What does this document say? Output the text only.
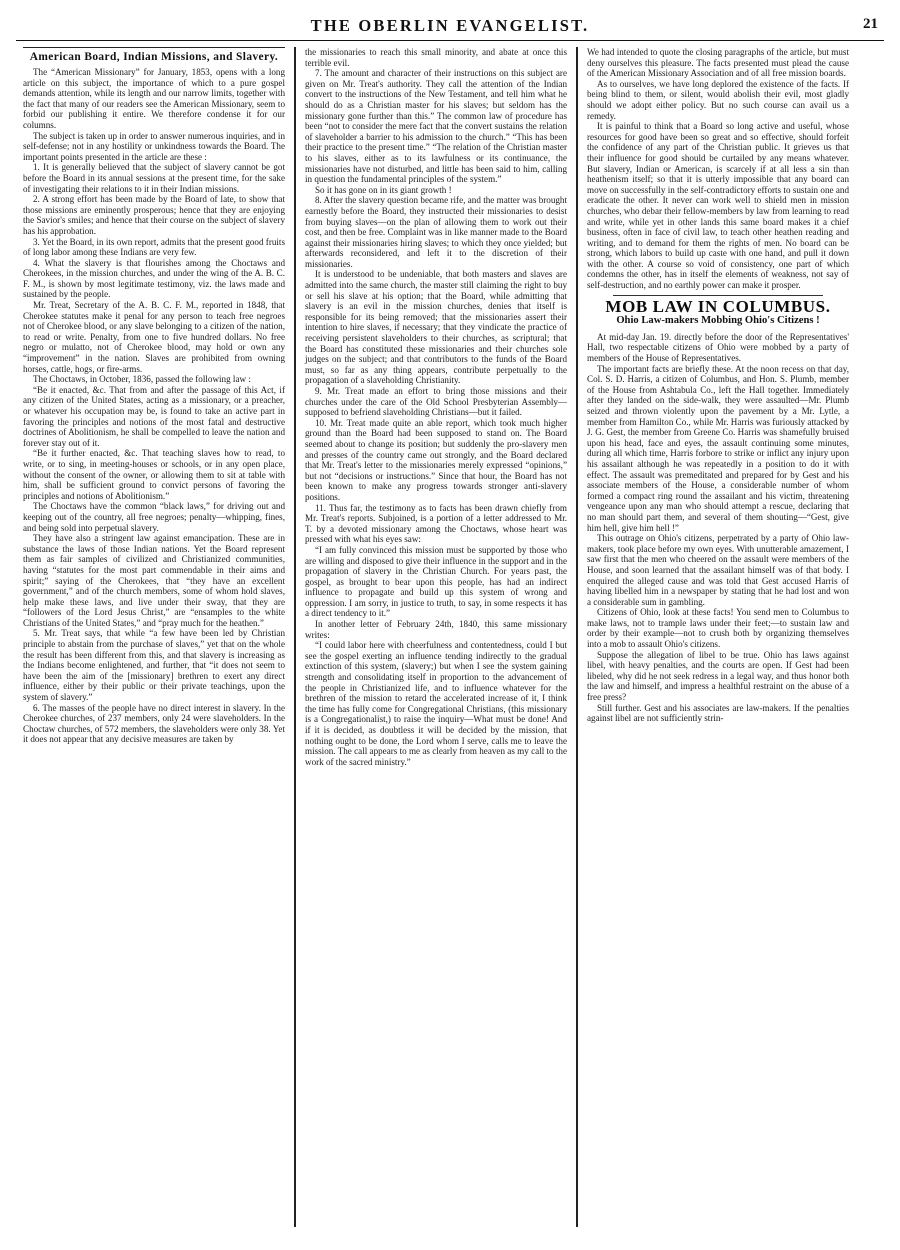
THE OBERLIN EVANGELIST.	21
American Board, Indian Missions, and Slavery.

The “American Missionary” for January, 1853, opens with a long article on this subject, the importance of which to a pure gospel demands attention, while its length and our narrow limits, together with the fact that many of our readers see the American Missionary, seem to forbid our publishing it entire. We therefore condense it for our columns.

The subject is taken up in order to answer numerous inquiries, and in self-defense; not in any hostility or unkindness towards the Board. The important points presented in the article are these :

1. It is generally believed that the subject of slavery cannot be got before the Board in its annual sessions at the present time, for the sake of investigating their relations to it in their Indian missions.

2. A strong effort has been made by the Board of late, to show that those missions are eminently prosperous; hence that they are enjoying the Savior's smiles; and hence that their course on the subject of slavery has his approbation.

3. Yet the Board, in its own report, admits that the present good fruits of long labor among these Indians are very few.

4. What the slavery is that flourishes among the Choctaws and Cherokees, in the mission churches, and under the wing of the A. B. C. F. M., is shown by most legitimate testimony, viz. the laws made and sustained by the people.

Mr. Treat, Secretary of the A. B. C. F. M., reported in 1848, that Cherokee statutes make it penal for any person to teach free negroes not of Cherokee blood, or any slave belonging to a citizen of the nation, to read or write. Penalty, from one to five hundred dollars. No free negro or mulatto, not of Cherokee blood, may hold or own any “improvement” in the nation. Slaves are prohibited from owning horses, cattle, hogs, or fire-arms.

The Choctaws, in October, 1836, passed the following law :

“Be it enacted, &c. That from and after the passage of this Act, if any citizen of the United States, acting as a missionary, or a preacher, or whatever his occupation may be, is found to take an active part in favoring the principles and notions of the most fatal and destructive doctrines of Abolitionism, he shall be compelled to leave the nation and forever stay out of it.

“Be it further enacted, &c. That teaching slaves how to read, to write, or to sing, in meeting-houses or schools, or in any open place, without the consent of the owner, or allowing them to sit at table with him, shall be sufficient ground to convict persons of favoring the principles and notions of Abolitionism.”

The Choctaws have the common “black laws,” for driving out and keeping out of the country, all free negroes; penalty—whipping, fines, and being sold into perpetual slavery.

They have also a stringent law against emancipation. These are in substance the laws of those Indian nations. Yet the Board represent them as fair samples of civilized and Christianized communities, having “statutes for the most part commendable in their aims and spirit;” saying of the Cherokees, that “they have an excellent government,” and of the church members, some of whom hold slaves, help make these laws, and live under their sway, that they are “followers of the Lord Jesus Christ,” are “ensamples to the white Christians of the United States,” and “pray much for the heathen.”

5. Mr. Treat says, that while “a few have been led by Christian principle to abstain from the purchase of slaves,” yet that on the whole the result has been different from this, and that slavery is increasing as the Indians become enlightened, and further, that “it does not seem to have been the aim of the [missionary] brethren to exert any direct influence, either by their public or their private teachings, upon the system of slavery.”

6. The masses of the people have no direct interest in slavery. In the Cherokee churches, of 237 members, only 24 were slaveholders. In the Choctaw churches, of 572 members, the slaveholders were only 38. Yet it does not appear that any decisive measures are taken by

the missionaries to reach this small minority, and abate at once this terrible evil.

7. The amount and character of their instructions on this subject are given on Mr. Treat's authority. They call the attention of the Indian convert to the instructions of the New Testament, and tell him what he should do as a Christian master for his slaves; but seldom has the missionary gone further than this.” The common law of procedure has been “not to consider the mere fact that the convert sustains the relation of slaveholder a barrier to his admission to the church.” “This has been their practice to the present time.” “The relation of the Christian master to his slaves, either as to its lawfulness or its continuance, the missionaries have not disturbed, and little has been said to him, calling in question the fundamental principles of the system.”

So it has gone on in its giant growth !

8. After the slavery question became rife, and the matter was brought earnestly before the Board, they instructed their missionaries to desist from buying slaves—on the plan of allowing them to work out their cost, and then be free. Complaint was in like manner made to the Board against their missionaries hiring slaves; to which they once yielded; but afterwards reconsidered, and left it to the discretion of their missionaries.

It is understood to be undeniable, that both masters and slaves are admitted into the same church, the master still claiming the right to buy or sell his slave at his option; that the Board, while admitting that slavery is an evil in the mission churches, denies that itself is responsible for its being removed; that the missionaries assert their intention to hire slaves, if necessary; that they vindicate the practice of receiving persistent slaveholders to their churches, as scriptural; that the Board has constituted these missionaries and their churches sole judges on the subject; and that contributors to the funds of the Board must, so far as any thing appears, contribute perpetually to the propagation of a slaveholding Christianity.

9. Mr. Treat made an effort to bring those missions and their churches under the care of the Old School Presbyterian Assembly—supposed to befriend slaveholding Christians—but it failed.

10. Mr. Treat made quite an able report, which took much higher ground than the Board had been supposed to stand on. The Board seemed about to change its position; but suddenly the pro-slavery men and presses of the country came out strongly, and the Board declared that Mr. Treat's letter to the missionaries merely expressed “opinions,” but not “decisions or instructions.” Since that hour, the Board has not been known to make any progress towards stronger anti-slavery positions.

11. Thus far, the testimony as to facts has been drawn chiefly from Mr. Treat's reports. Subjoined, is a portion of a letter addressed to Mr. T. by a devoted missionary among the Choctaws, whose heart was pressed with what his eyes saw:

“I am fully convinced this mission must be supported by those who are willing and disposed to give their influence in the support and in the propagation of slavery in the Christian Church. For years past, the gospel, as brought to bear upon this people, has had an indirect influence to propagate and build up this system of wrong and oppression. I am sorry, in justice to truth, to say, in some respects it has a direct tendency to it.”

In another letter of February 24th, 1840, this same missionary writes:

“I could labor here with cheerfulness and contentedness, could I but see the gospel exerting an influence tending indirectly to the gradual extinction of this system, (slavery;) but when I see the system gaining strength and consolidating itself in proportion to the advancement of the people in Christianized life, and to influence whatever for the brethren of the mission to retard the accelerated increase of it, I think the time has fully come for Congregational Christians, (this missionary is a Congregationalist,) to raise the inquiry—What must be done! And if it is decided, as doubtless it will be decided by the mission, that nothing ought to be done, the Lord whom I serve, calls me to leave the mission. The call appears to me as clearly from heaven as my call to the work of the sacred ministry.”

We had intended to quote the closing paragraphs of the article, but must deny ourselves this pleasure. The facts presented must plead the cause of the American Missionary Association and of all free mission boards.

As to ourselves, we have long deplored the existence of the facts. If being blind to them, or silent, would abolish their evil, most gladly should we adopt either policy. But no such course can avail us a remedy.

It is painful to think that a Board so long active and useful, whose resources for good have been so great and so effective, should forfeit the confidence of any part of the Christian public. It grieves us that their influence for good should be curtailed by any means whatever. But slavery, Indian or American, is scarcely if at all less a sin than heathenism itself; so that it is utterly impossible that any board can move on successfully in the self-contradictory efforts to sustain one and eradicate the other. It never can work well to shield men in mission churches, who debar their fellow-members by law from learning to read and write, while yet in other lands this same board makes it a chief business, often in face of civil law, to teach other heathen reading and writing, and to demand for them the rights of men. No board can be strong, which labors to build up caste with one hand, and pull it down with the other. A course so void of consistency, one part of which condemns the other, has in itself the elements of weakness, not say of self-destruction, and no earthly power can make it prosper.

MOB LAW IN COLUMBUS.
Ohio Law-makers Mobbing Ohio's Citizens !

At mid-day Jan. 19. directly before the door of the Representatives' Hall, two respectable citizens of Ohio were mobbed by a party of members of the House of Representatives.

The important facts are briefly these. At the noon recess on that day, Col. S. D. Harris, a citizen of Columbus, and Hon. S. Plumb, member of the House from Ashtabula Co., left the Hall together. Immediately after they landed on the side-walk, they were assaulted—Mr. Plumb seized and thrown violently upon the pavement by a Mr. Lytle, a member from Hamilton Co., while Mr. Harris was furiously attacked by J. G. Gest, the member from Greene Co. Harris was shamefully bruised upon his head, face and eyes, the assault continuing some minutes, during all which time, Harris forbore to strike or inflict any injury upon his assailant although he was repeatedly in a position to do it with effect. The assault was premeditated and prepared for by Gest and his associate members of the House, a considerable number of whom formed a compact ring round the assailant and his victim, threatening vengeance upon any man who should attempt a rescue, declaring that no man should part them, and several of them shouting—“Gest, give him hell, give him hell !”

This outrage on Ohio's citizens, perpetrated by a party of Ohio law-makers, took place before my own eyes. With unutterable amazement, I saw first that the men who cheered on the assault were members of the House, and soon learned that the assailant himself was of that body. I enquired the alleged cause and was told that Gest accused Harris of having libelled him in a newspaper by stating that he had lost and won a considerable sum in gambling.

Citizens of Ohio, look at these facts! You send men to Columbus to make laws, not to trample laws under their feet;—to sustain law and order by their example—not to crush both by organizing themselves into a mob to assault Ohio's citizens.

Suppose the allegation of libel to be true. Ohio has laws against libel, with heavy penalties, and the courts are open. If Gest had been libeled, why did he not seek redress in a legal way, and thus honor both the law and himself, and impress a healthful restraint on the abuse of a free press?

Still further. Gest and his associates are law-makers. If the penalties against libel are not sufficiently strin-
